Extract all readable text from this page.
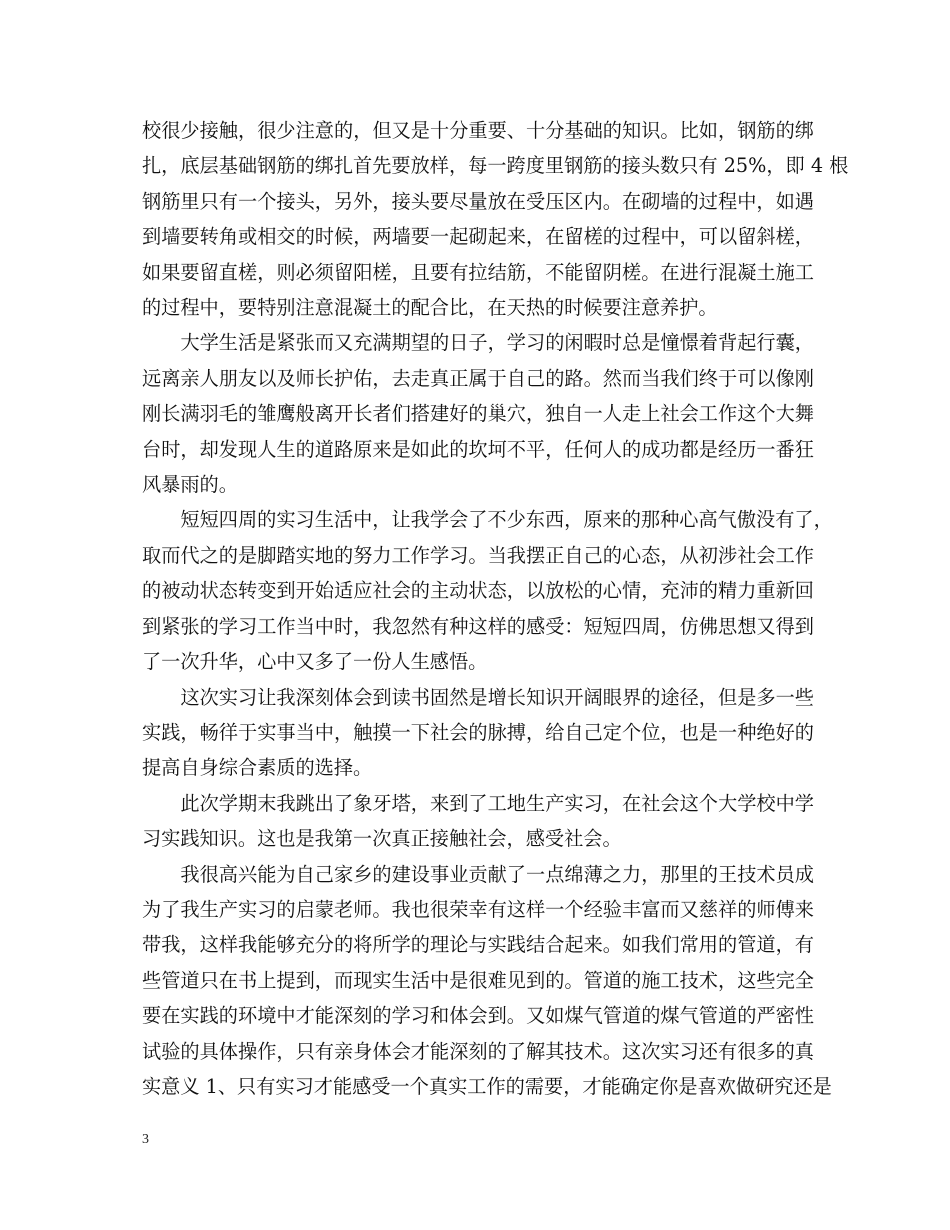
校很少接触，很少注意的，但又是十分重要、十分基础的知识。比如，钢筋的绑
扎，底层基础钢筋的绑扎首先要放样，每一跨度里钢筋的接头数只有 25%，即 4 根
钢筋里只有一个接头，另外，接头要尽量放在受压区内。在砌墙的过程中，如遇
到墙要转角或相交的时候，两墙要一起砌起来，在留槎的过程中，可以留斜槎，
如果要留直槎，则必须留阳槎，且要有拉结筋，不能留阴槎。在进行混凝土施工
的过程中，要特别注意混凝土的配合比，在天热的时候要注意养护。
大学生活是紧张而又充满期望的日子，学习的闲暇时总是憧憬着背起行囊，
远离亲人朋友以及师长护佑，去走真正属于自己的路。然而当我们终于可以像刚
刚长满羽毛的雏鹰般离开长者们搭建好的巢穴，独自一人走上社会工作这个大舞
台时，却发现人生的道路原来是如此的坎坷不平，任何人的成功都是经历一番狂
风暴雨的。
短短四周的实习生活中，让我学会了不少东西，原来的那种心高气傲没有了，
取而代之的是脚踏实地的努力工作学习。当我摆正自己的心态，从初涉社会工作
的被动状态转变到开始适应社会的主动状态，以放松的心情，充沛的精力重新回
到紧张的学习工作当中时，我忽然有种这样的感受：短短四周，仿佛思想又得到
了一次升华，心中又多了一份人生感悟。
这次实习让我深刻体会到读书固然是增长知识开阔眼界的途径，但是多一些
实践，畅徉于实事当中，触摸一下社会的脉搏，给自己定个位，也是一种绝好的
提高自身综合素质的选择。
此次学期末我跳出了象牙塔，来到了工地生产实习，在社会这个大学校中学
习实践知识。这也是我第一次真正接触社会，感受社会。
我很高兴能为自己家乡的建设事业贡献了一点绵薄之力，那里的王技术员成
为了我生产实习的启蒙老师。我也很荣幸有这样一个经验丰富而又慈祥的师傅来
带我，这样我能够充分的将所学的理论与实践结合起来。如我们常用的管道，有
些管道只在书上提到，而现实生活中是很难见到的。管道的施工技术，这些完全
要在实践的环境中才能深刻的学习和体会到。又如煤气管道的煤气管道的严密性
试验的具体操作，只有亲身体会才能深刻的了解其技术。这次实习还有很多的真
实意义 1、只有实习才能感受一个真实工作的需要，才能确定你是喜欢做研究还是
3
